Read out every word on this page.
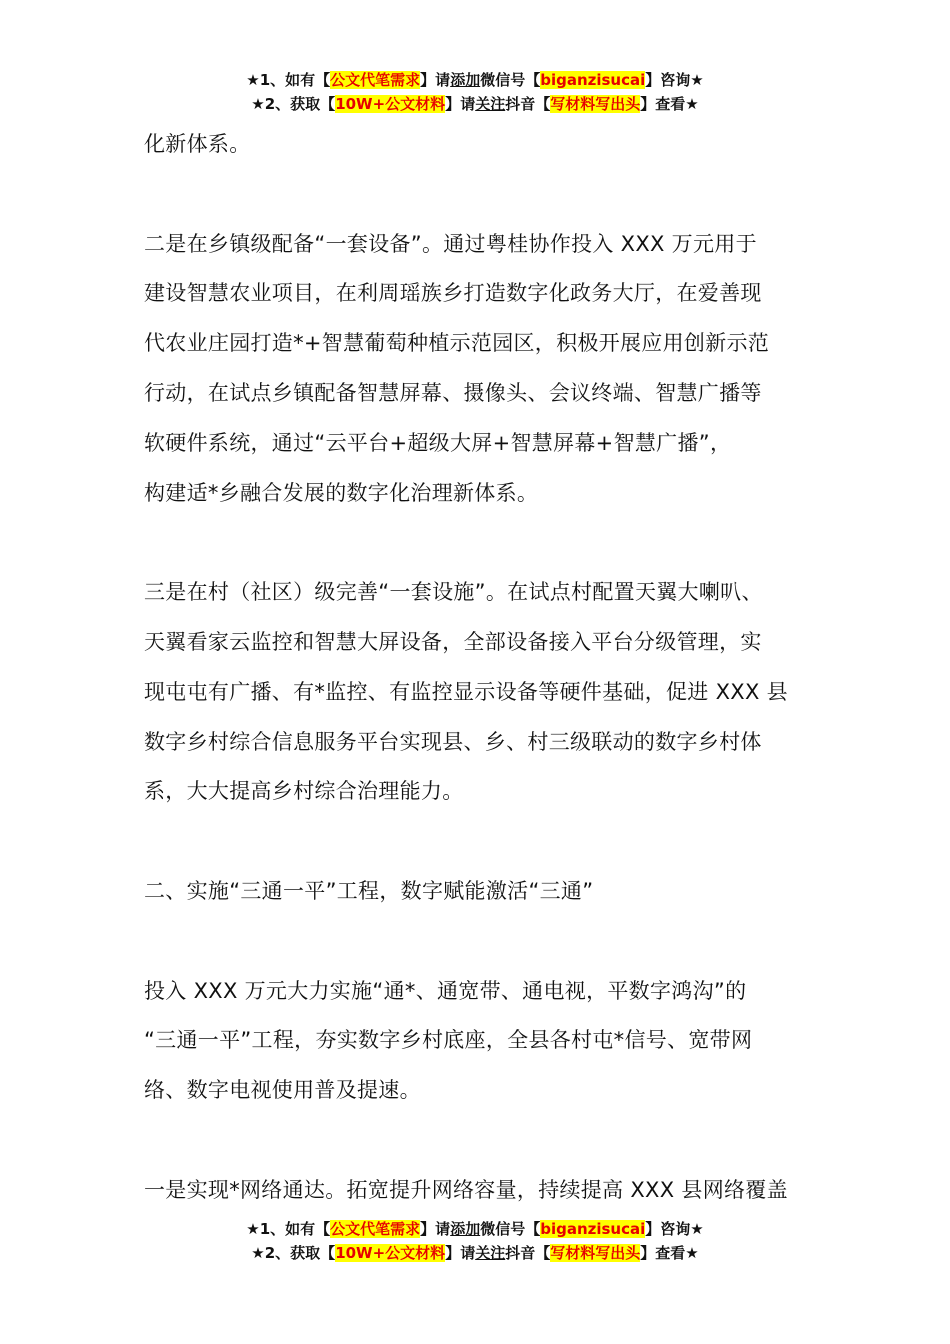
★1、如有【公文代笔需求】请添加微信号【biganzisucai】咨询★
★2、获取【10W+公文材料】请关注抖音【写材料写出头】查看★

化新体系。

二是在乡镇级配备“一套设备”。通过粤桂协作投入 XXX 万元用于

建设智慧农业项目，在利周瑶族乡打造数字化政务大厅，在爱善现

代农业庄园打造*+智慧葡萄种植示范园区，积极开展应用创新示范

行动，在试点乡镇配备智慧屏幕、摄像头、会议终端、智慧广播等

软硬件系统，通过“云平台+超级大屏+智慧屏幕+智慧广播”，

构建适*乡融合发展的数字化治理新体系。

三是在村（社区）级完善“一套设施”。在试点村配置天翼大喇叭、

天翼看家云监控和智慧大屏设备，全部设备接入平台分级管理，实

现屯屯有广播、有*监控、有监控显示设备等硬件基础，促进 XXX 县

数字乡村综合信息服务平台实现县、乡、村三级联动的数字乡村体

系，大大提高乡村综合治理能力。

二、实施“三通一平”工程，数字赋能激活“三通”

投入 XXX 万元大力实施“通*、通宽带、通电视，平数字鸿沟”的

“三通一平”工程，夯实数字乡村底座，全县各村屯*信号、宽带网

络、数字电视使用普及提速。

一是实现*网络通达。拓宽提升网络容量，持续提高 XXX 县网络覆盖

★1、如有【公文代笔需求】请添加微信号【biganzisucai】咨询★
★2、获取【10W+公文材料】请关注抖音【写材料写出头】查看★
